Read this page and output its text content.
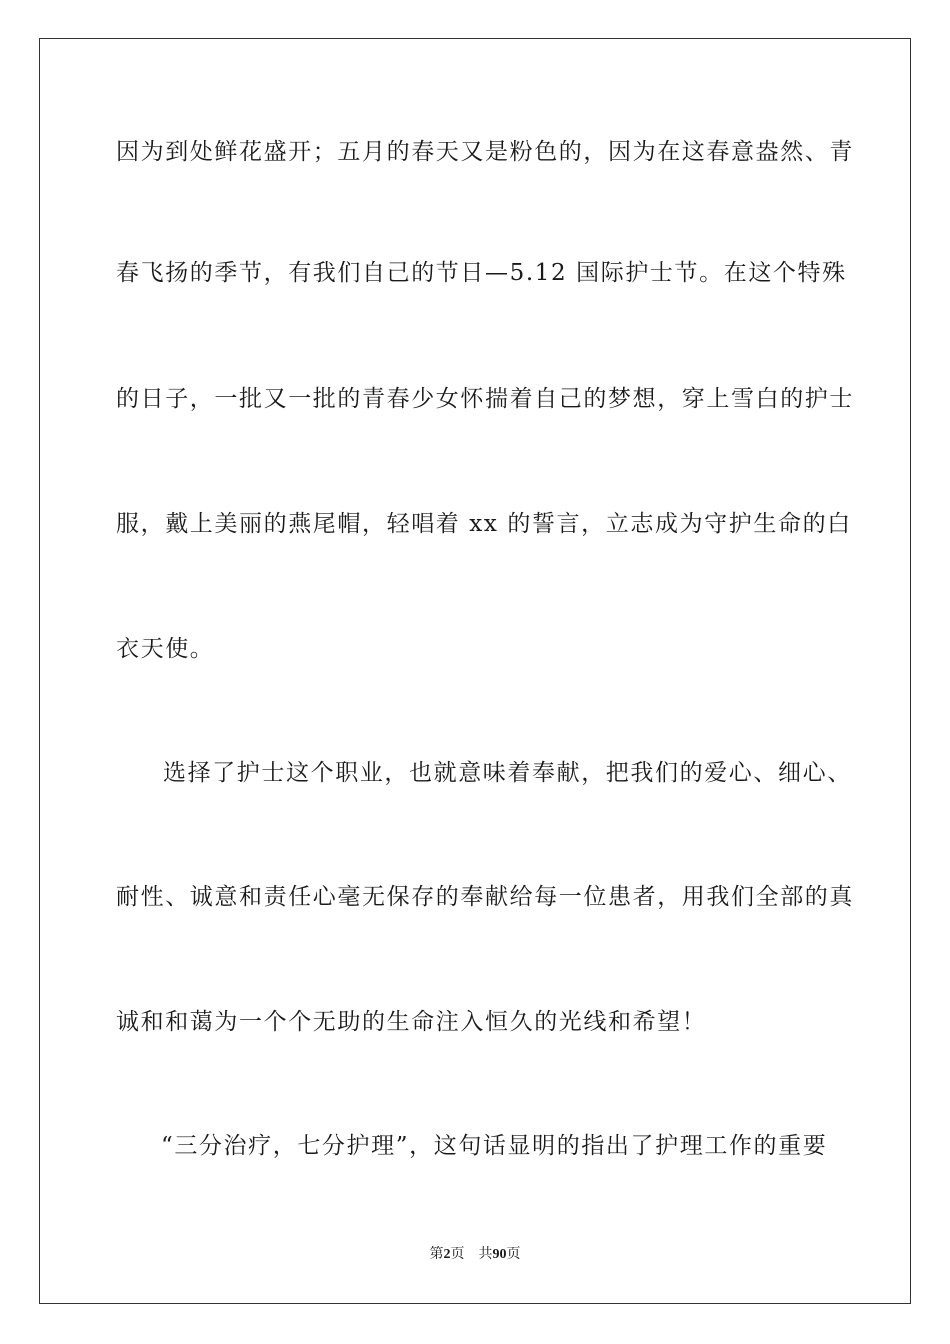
因为到处鲜花盛开；五月的春天又是粉色的，因为在这春意盎然、青
春飞扬的季节，有我们自己的节日—5.12 国际护士节。在这个特殊
的日子，一批又一批的青春少女怀揣着自己的梦想，穿上雪白的护士
服，戴上美丽的燕尾帽，轻唱着 xx 的誓言，立志成为守护生命的白
衣天使。
选择了护士这个职业，也就意味着奉献，把我们的爱心、细心、
耐性、诚意和责任心毫无保存的奉献给每一位患者，用我们全部的真
诚和和蔼为一个个无助的生命注入恒久的光线和希望！
“三分治疗，七分护理”，这句话显明的指出了护理工作的重要
第2页 共90页
